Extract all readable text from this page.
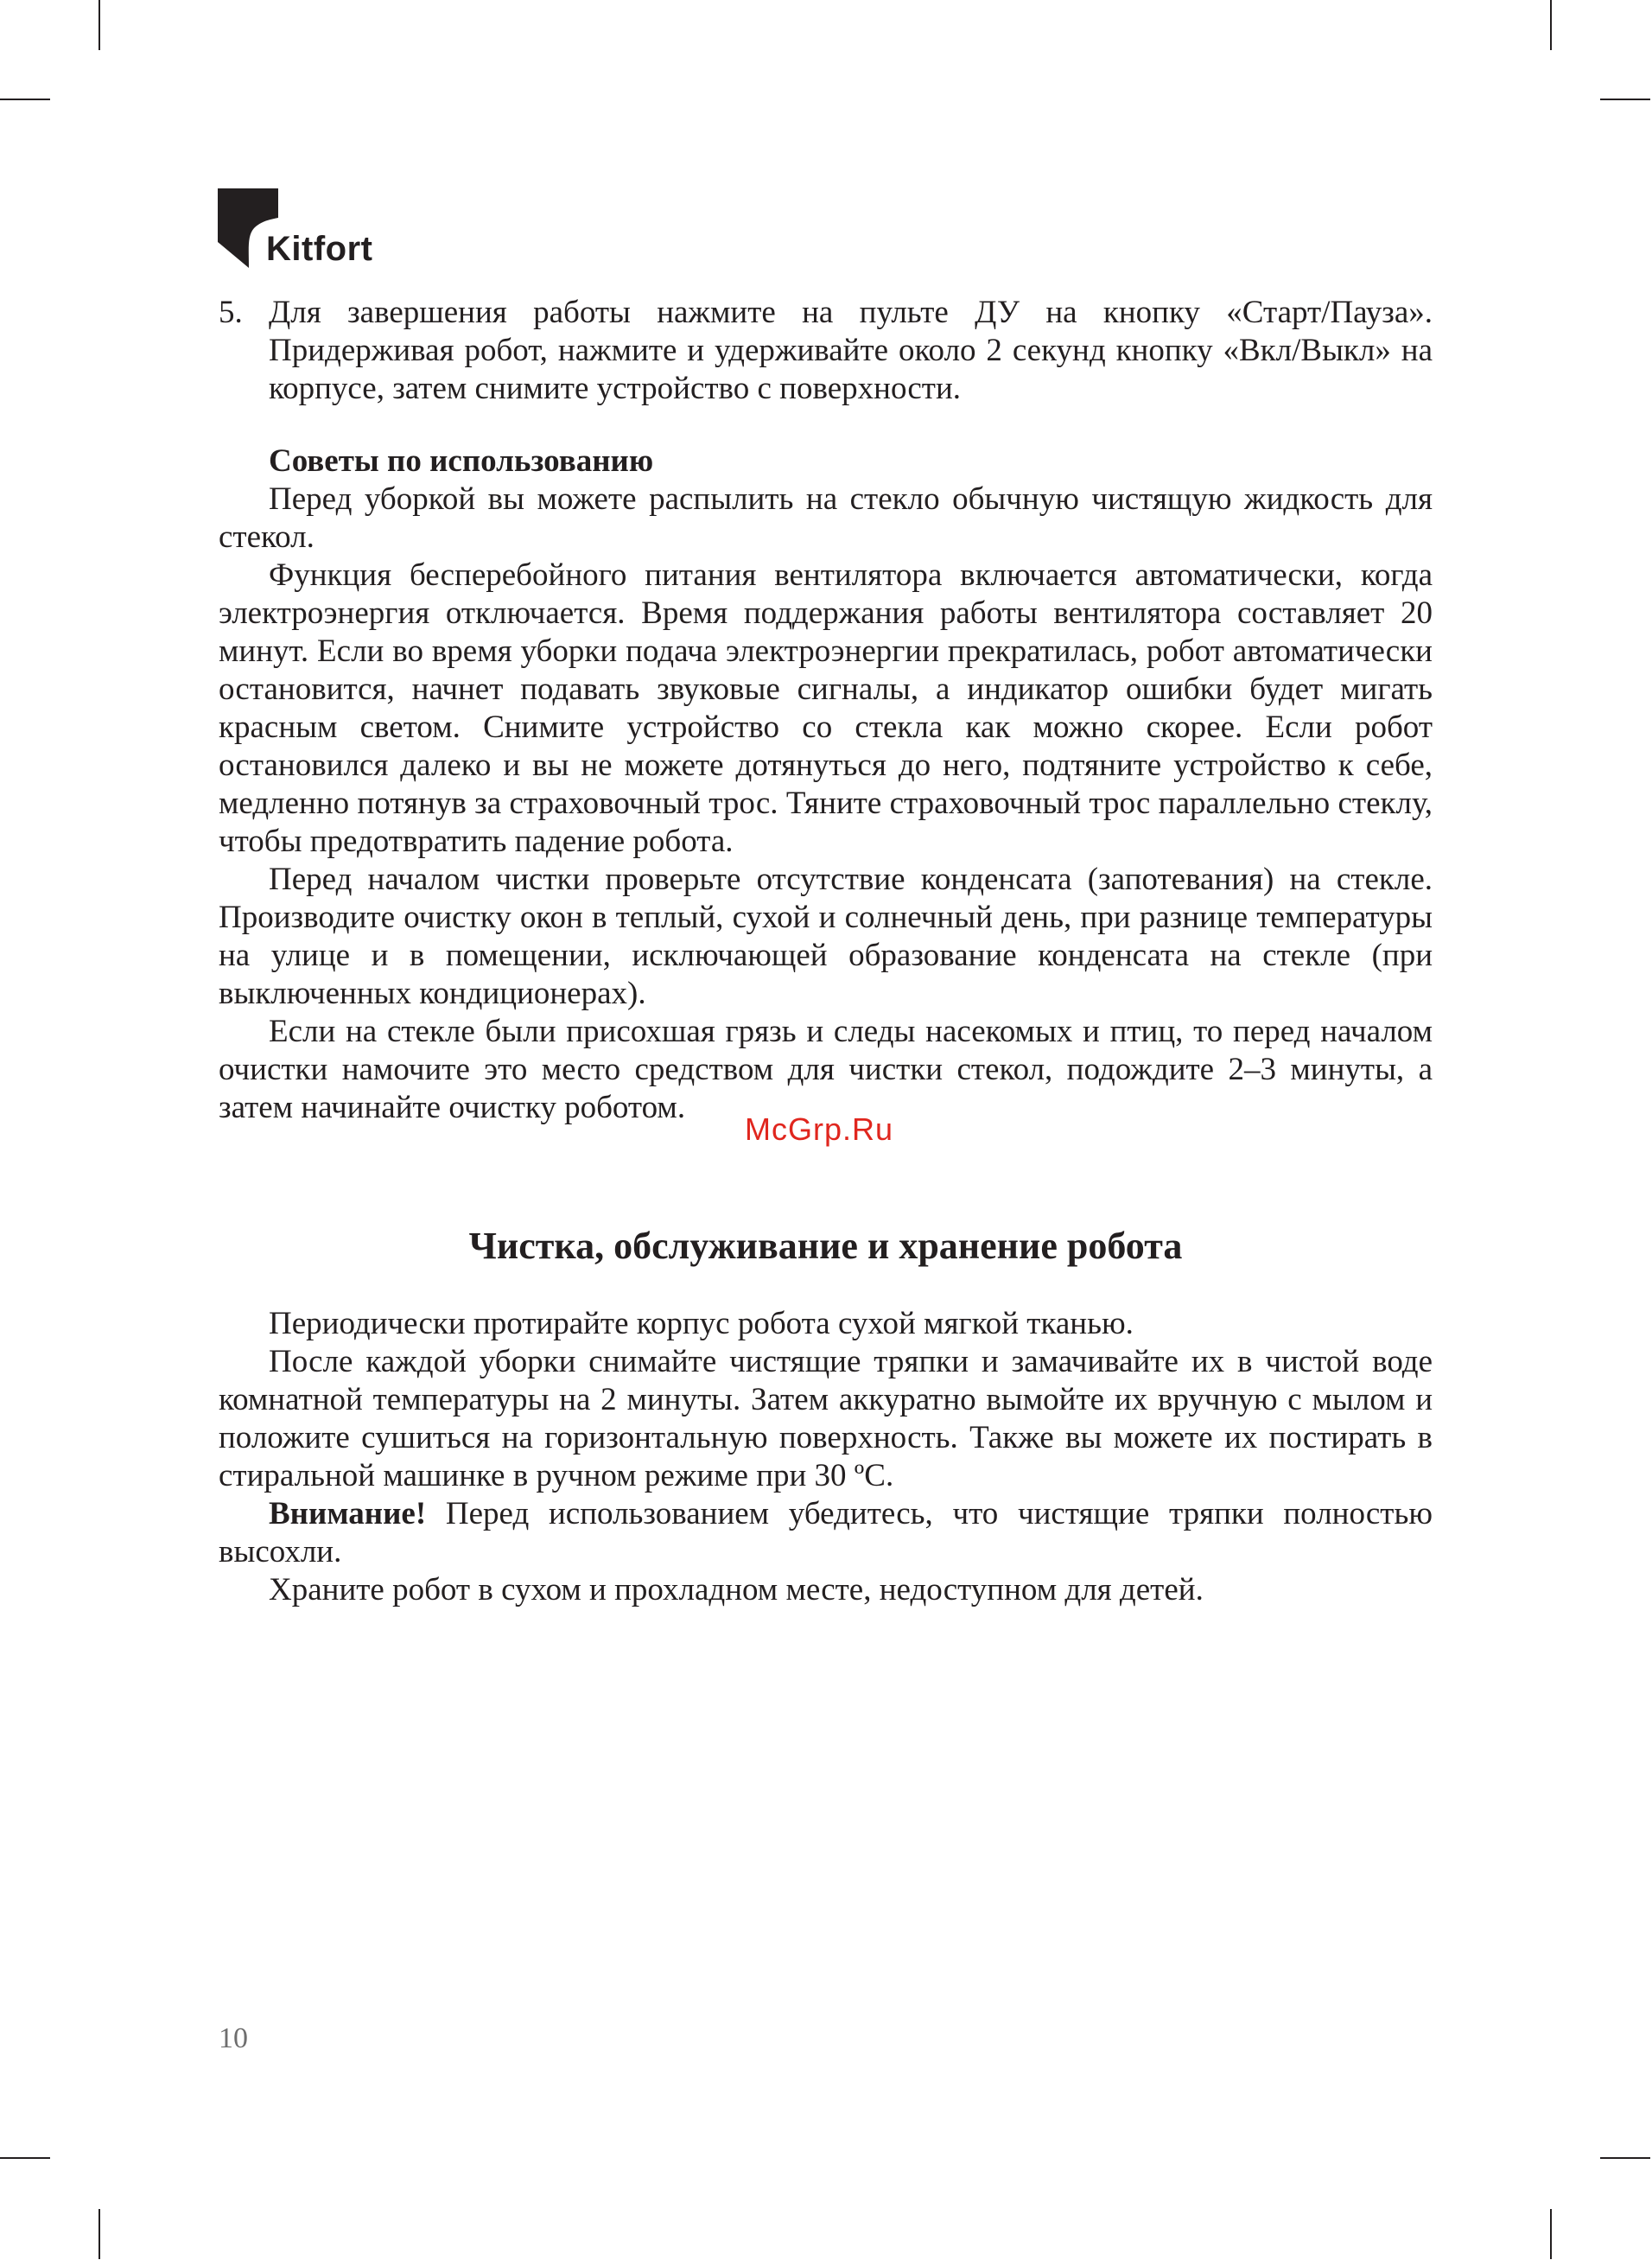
Kitfort
5. Для завершения работы нажмите на пульте ДУ на кнопку «Старт/Пауза». Придерживая робот, нажмите и удерживайте около 2 секунд кнопку «Вкл/Выкл» на корпусе, затем снимите устройство с поверхности.

Советы по использованию

Перед уборкой вы можете распылить на стекло обычную чистящую жидкость для стекол.

Функция бесперебойного питания вентилятора включается автоматически, когда электроэнергия отключается. Время поддержания работы вентилятора составляет 20 минут. Если во время уборки подача электроэнергии прекратилась, робот автоматически остановится, начнет подавать звуковые сигналы, а индикатор ошибки будет мигать красным светом. Снимите устройство со стекла как можно скорее. Если робот остановился далеко и вы не можете дотянуться до него, подтяните устройство к себе, медленно потянув за страховочный трос. Тяните страховочный трос параллельно стеклу, чтобы предотвратить падение робота.

Перед началом чистки проверьте отсутствие конденсата (запотевания) на стекле. Производите очистку окон в теплый, сухой и солнечный день, при разнице температуры на улице и в помещении, исключающей образование конденсата на стекле (при выключенных кондиционерах).

Если на стекле были присохшая грязь и следы насекомых и птиц, то перед началом очистки намочите это место средством для чистки стекол, подождите 2–3 минуты, а затем начинайте очистку роботом.

Чистка, обслуживание и хранение робота

Периодически протирайте корпус робота сухой мягкой тканью.

После каждой уборки снимайте чистящие тряпки и замачивайте их в чистой воде комнатной температуры на 2 минуты. Затем аккуратно вымойте их вручную с мылом и положите сушиться на горизонтальную поверхность. Также вы можете их постирать в стиральной машинке в ручном режиме при 30 ºС.

Внимание! Перед использованием убедитесь, что чистящие тряпки полностью высохли.

Храните робот в сухом и прохладном месте, недоступном для детей.

McGrp.Ru
10
